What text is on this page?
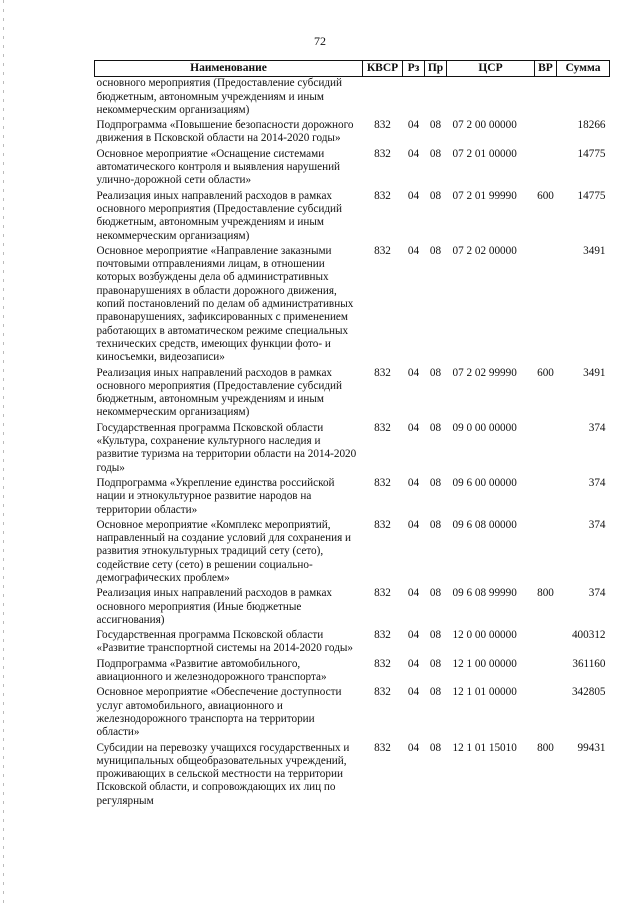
72
Наименование	КВСР	Рз	Пр	ЦСР	ВР	Сумма
основного мероприятия (Предоставление субсидий бюджетным, автономным учреждениям и иным некоммерческим организациям)						
Подпрограмма «Повышение безопасности дорожного движения в Псковской области на 2014-2020 годы»	832	04	08	07 2 00 00000		18266
Основное мероприятие «Оснащение системами автоматического контроля и выявления нарушений улично-дорожной сети области»	832	04	08	07 2 01 00000		14775
Реализация иных направлений расходов в рамках основного мероприятия (Предоставление субсидий бюджетным, автономным учреждениям и иным некоммерческим организациям)	832	04	08	07 2 01 99990	600	14775
Основное мероприятие «Направление заказными почтовыми отправлениями лицам, в отношении которых возбуждены дела об административных правонарушениях в области дорожного движения, копий постановлений по делам об административных правонарушениях, зафиксированных с применением работающих в автоматическом режиме специальных технических средств, имеющих функции фото- и киносъемки, видеозаписи»	832	04	08	07 2 02 00000		3491
Реализация иных направлений расходов в рамках основного мероприятия (Предоставление субсидий бюджетным, автономным учреждениям и иным некоммерческим организациям)	832	04	08	07 2 02 99990	600	3491
Государственная программа Псковской области «Культура, сохранение культурного наследия и развитие туризма на территории области на 2014-2020 годы»	832	04	08	09 0 00 00000		374
Подпрограмма «Укрепление единства российской нации и этнокультурное развитие народов на территории области»	832	04	08	09 6 00 00000		374
Основное мероприятие «Комплекс мероприятий, направленный на создание условий для сохранения и развития этнокультурных традиций сету (сето), содействие сету (сето) в решении социально-демографических проблем»	832	04	08	09 6 08 00000		374
Реализация иных направлений расходов в рамках основного мероприятия (Иные бюджетные ассигнования)	832	04	08	09 6 08 99990	800	374
Государственная программа Псковской области «Развитие транспортной системы на 2014-2020 годы»	832	04	08	12 0 00 00000		400312
Подпрограмма «Развитие автомобильного, авиационного и железнодорожного транспорта»	832	04	08	12 1 00 00000		361160
Основное мероприятие «Обеспечение доступности услуг автомобильного, авиационного и железнодорожного транспорта на территории области»	832	04	08	12 1 01 00000		342805
Субсидии на перевозку учащихся государственных и муниципальных общеобразовательных учреждений, проживающих в сельской местности на территории Псковской области, и сопровождающих их лиц по регулярным	832	04	08	12 1 01 15010	800	99431
